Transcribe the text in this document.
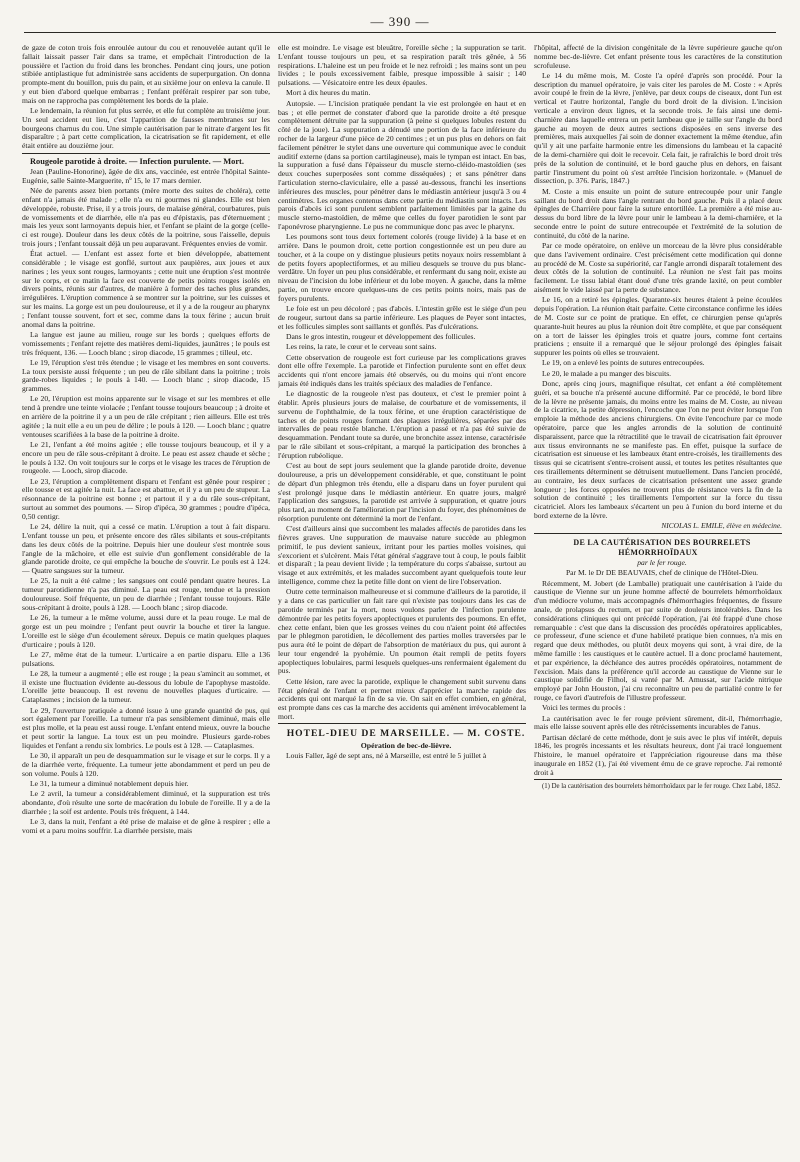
— 390 —

de gaze de coton trois fois enroulée autour du cou et renouvelée autant qu'il le fallait laissait passer l'air dans sa trame, et empêchait l'introduction de la poussière et l'action du froid dans les bronches. Pendant cinq jours, une potion stibiée antiplastique fut administrée sans accidents de superpurgation. On donna prompte-ment du bouillon, puis du pain, et au sixième jour on enleva la canule. Il y eut bien d'abord quelque embarras ; l'enfant préférait respirer par son tube, mais on ne rapprocha pas complètement les bords de la plaie.

Le lendemain, la réunion fut plus serrée, et elle fut complète au troisième jour. Un seul accident eut lieu, c'est l'apparition de fausses membranes sur les bourgeons charnus du cou. Une simple cautérisation par le nitrate d'argent les fit disparaître ; à part cette complication, la cicatrisation se fit rapidement, et elle était entière au douzième jour.

Rougeole parotide à droite. — Infection purulente. — Mort.

Jean (Pauline-Honorine), âgée de dix ans, vaccinée, est entrée l'hôpital Sainte-Eugénie, salle Sainte-Marguerite, nº 15, le 17 mars dernier.

Née de parents assez bien portants (mère morte des suites de choléra), cette enfant n'a jamais été malade ; elle n'a eu ni gourmes ni glandes. Elle est bien développée, robuste. Prise, il y a trois jours, de malaise général, courbatures, puis de vomissements et de diarrhée, elle n'a pas eu d'épistaxis, pas d'éternuement ; mais les yeux sont larmoyants depuis hier, et l'enfant se plaint de la gorge (celle-ci est rouge). Douleur dans les deux côtés de la poitrine, sous l'aisselle, depuis trois jours ; l'enfant toussait déjà un peu auparavant. Fréquentes envies de vomir.

État actuel. — L'enfant est assez forte et bien développée, abattement considérable ; le visage est gonflé, surtout aux paupières, aux joues et aux narines ; les yeux sont rouges, larmoyants ; cette nuit une éruption s'est montrée sur le corps, et ce matin la face est couverte de petits points rouges isolés en divers points, réunis sur d'autres, de manière à former des taches plus grandes, irrégulières. L'éruption commence à se montrer sur la poitrine, sur les cuisses et sur les mains. La gorge est un peu douloureuse, et il y a de la rougeur au pharynx ; l'enfant tousse souvent, fort et sec, comme dans la toux férine ; aucun bruit anomal dans la poitrine.

La langue est jaune au milieu, rouge sur les bords ; quelques efforts de vomissements ; l'enfant rejette des matières demi-liquides, jaunâtres ; le pouls est très fréquent, 136. — Looch blanc ; sirop diacode, 15 grammes ; tilleul, etc.

Le 19, l'éruption s'est très étendue ; le visage et les membres en sont couverts. La toux persiste aussi fréquente ; un peu de râle sibilant dans la poitrine ; trois garde-robes liquides ; le pouls à 140. — Looch blanc ; sirop diacode, 15 grammes.

Le 20, l'éruption est moins apparente sur le visage et sur les membres et elle tend à prendre une teinte violacée ; l'enfant tousse toujours beaucoup ; à droite et en arrière de la poitrine il y a un peu de râle crépitant ; rien ailleurs. Elle est très agitée ; la nuit elle a eu un peu de délire ; le pouls à 120. — Looch blanc ; quatre ventouses scarifiées à la base de la poitrine à droite.

Le 21, l'enfant a été moins agitée ; elle tousse toujours beaucoup, et il y a encore un peu de râle sous-crépitant à droite. Le peau est assez chaude et sèche ; le pouls à 132. On voit toujours sur le corps et le visage les traces de l'éruption de rougeole. — Looch, sirop diacode.

Le 23, l'éruption a complètement disparu et l'enfant est gênée pour respirer ; elle tousse et est agitée la nuit. La face est abattue, et il y a un peu de stupeur. La résonnance de la poitrine est bonne ; et partout il y a du râle sous-crépitant, surtout au sommet des poumons. — Sirop d'ipéca, 30 grammes ; poudre d'ipéca, 0,50 centigr.

Le 24, délire la nuit, qui a cessé ce matin. L'éruption a tout à fait disparu. L'enfant tousse un peu, et présente encore des râles sibilants et sous-crépitants dans les deux côtés de la poitrine. Depuis hier une douleur s'est montrée sous l'angle de la mâchoire, et elle est suivie d'un gonflement considérable de la glande parotide droite, ce qui empêche la bouche de s'ouvrir. Le pouls est à 124. — Quatre sangsues sur la tumeur.

Le 25, la nuit a été calme ; les sangsues ont coulé pendant quatre heures. La tumeur parotidienne n'a pas diminué. La peau est rouge, tendue et la pression douloureuse. Soif fréquente, un peu de diarrhée ; l'enfant tousse toujours. Râle sous-crépitant à droite, pouls à 128. — Looch blanc ; sirop diacode.

Le 26, la tumeur a le même volume, aussi dure et la peau rouge. Le mal de gorge est un peu moindre ; l'enfant peut ouvrir la bouche et tirer la langue. L'oreille est le siège d'un écoulement séreux. Depuis ce matin quelques plaques d'urticaire ; pouls à 120.

Le 27, même état de la tumeur. L'urticaire a en partie disparu. Elle a 136 pulsations.

Le 28, la tumeur a augmenté ; elle est rouge ; la peau s'amincit au sommet, et il existe une fluctuation évidente au-dessous du lobule de l'apophyse mastoïde. L'oreille jette beaucoup. Il est revenu de nouvelles plaques d'urticaire. — Cataplasmes ; incision de la tumeur.

Le 29, l'ouverture pratiquée a donné issue à une grande quantité de pus, qui sort également par l'oreille. La tumeur n'a pas sensiblement diminué, mais elle est plus molle, et la peau est aussi rouge. L'enfant entend mieux, ouvre la bouche et peut sortir la langue. La toux est un peu moindre. Plusieurs garde-robes liquides et l'enfant a rendu six lombrics. Le pouls est à 128. — Cataplasmes.

Le 30, il apparaît un peu de desquammation sur le visage et sur le corps. Il y a de la diarrhée verte, fréquente. La tumeur jette abondamment et perd un peu de son volume. Pouls à 120.

Le 31, la tumeur a diminué notablement depuis hier.

Le 2 avril, la tumeur a considérablement diminué, et la suppuration est très abondante, d'où résulte une sorte de macération du lobule de l'oreille. Il y a de la diarrhée ; la soif est ardente. Pouls très fréquent, à 144.

Le 3, dans la nuit, l'enfant a été prise de malaise et de gêne à respirer ; elle a vomi et a paru moins souffrir. La diarrhée persiste, mais

elle est moindre. Le visage est bleuâtre, l'oreille sèche ; la suppuration se tarit. L'enfant tousse toujours un peu, et sa respiration paraît très gênée, à 56 respirations. L'haleine est un peu froide et le nez refroidi ; les mains sont un peu livides ; le pouls excessivement faible, presque impossible à saisir ; 140 pulsations. — Vésicatoire entre les deux épaules.

Mort à dix heures du matin.

Autopsie. — L'incision pratiquée pendant la vie est prolongée en haut et en bas ; et elle permet de constater d'abord que la parotide droite a été presque complètement détruite par la suppuration (à peine si quelques lobules restent du côté de la joue). La suppuration a dénudé une portion de la face inférieure du rocher de la largeur d'une pièce de 20 centimes ; et un pus plus en dehors on fait facilement pénétrer le stylet dans une ouverture qui communique avec le conduit auditif externe (dans sa portion cartilagineuse), mais le tympan est intact. En bas, la suppuration a fusé dans l'épaisseur du muscle sterno-cléido-mastoïdien (ses deux couches superposées sont comme disséquées) ; et sans pénétrer dans l'articulation sterno-claviculaire, elle a passé au-dessous, franchi les insertions inférieures des muscles, pour pénétrer dans le médiastin antérieur jusqu'à 3 ou 4 centimètres. Les organes contenus dans cette partie du médiastin sont intacts. Les parois d'abcès ici sont purulent semblent parfaitement limitées par la gaine du muscle sterno-mastoïdien, de même que celles du foyer parotidien le sont par l'aponévrose pharyngienne. Le pus ne communique donc pas avec le pharynx.

Les poumons sont tous deux fortement colorés (rouge livide) à la base et en arrière. Dans le poumon droit, cette portion congestionnée est un peu dure au toucher, et à la coupe on y distingue plusieurs petits noyaux noirs ressemblant à de petits foyers apoplectiformes, et au milieu desquels se trouve du pus blanc-verdâtre. Un foyer un peu plus considérable, et renfermant du sang noir, existe au niveau de l'incision du lobe inférieur et du lobe moyen. À gauche, dans la même partie, on trouve encore quelques-uns de ces petits points noirs, mais pas de foyers purulents.

Le foie est un peu décoloré ; pas d'abcès. L'intestin grêle est le siége d'un peu de rougeur, surtout dans sa partie inférieure. Les plaques de Peyer sont intactes, et les follicules simples sont saillants et gonflés. Pas d'ulcérations.

Dans le gros intestin, rougeur et développement des follicules.

Les reins, la rate, le cœur et le cerveau sont sains.

Cette observation de rougeole est fort curieuse par les complications graves dont elle offre l'exemple. La parotide et l'infection purulente sont en effet deux accidents qui n'ont encore jamais été observés, ou du moins qui n'ont encore jamais été indiqués dans les traités spéciaux des maladies de l'enfance.

Le diagnostic de la rougeole n'est pas douteux, et c'est le premier point à établir. Après plusieurs jours de malaise, de courbature et de vomissements, il survenu de l'ophthalmie, de la toux férine, et une éruption caractéristique de taches et de points rouges formant des plaques irrégulières, séparées par des intervalles de peau restée blanche. L'éruption a passé et n'a pas été suivie de desquammation. Pendant toute sa durée, une bronchite assez intense, caractérisée par le râle sibilant et sous-crépitant, a marqué la participation des bronches à l'éruption rubéolique.

C'est au bout de sept jours seulement que la glande parotide droite, devenue douloureuse, a pris un développement considérable, et que, constituant le point de départ d'un phlegmon très étendu, elle a disparu dans un foyer purulent qui s'est prolongé jusque dans le médiastin antérieur. En quatre jours, malgré l'application des sangsues, la parotide est arrivée à suppuration, et quatre jours plus tard, au moment de l'amélioration par l'incision du foyer, des phénomènes de résorption purulente ont déterminé la mort de l'enfant.

C'est d'ailleurs ainsi que succombent les malades affectés de parotides dans les fièvres graves. Une suppuration de mauvaise nature succède au phlegmon primitif, le pus devient sanieux, irritant pour les parties molles voisines, qui s'excorient et s'ulcèrent. Mais l'état général s'aggrave tout à coup, le pouls faiblit et disparaît ; la peau devient livide ; la température du corps s'abaisse, surtout au visage et aux extrémités, et les malades succombent ayant quelquefois toute leur intelligence, comme chez la petite fille dont on vient de lire l'observation.

Outre cette terminaison malheureuse et si commune d'ailleurs de la parotide, il y a dans ce cas particulier un fait rare qui n'existe pas toujours dans les cas de parotide terminés par la mort, nous voulons parler de l'infection purulente démontrée par les petits foyers apoplectiques et purulents des poumons. En effet, chez cette enfant, bien que les grosses veines du cou n'aient point été affectées par le phlegmon parotidien, le décollement des parties molles traversées par le pus aura été le point de départ de l'absorption de matériaux du pus, qui auront à leur tour engendré la pyohémie. Un poumon était rempli de petits foyers apoplectiques lobulaires, parmi lesquels quelques-uns renfermaient également du pus.

Cette lésion, rare avec la parotide, explique le changement subit survenu dans l'état général de l'enfant et permet mieux d'apprécier la marche rapide des accidents qui ont marqué la fin de sa vie. On sait en effet combien, en général, est prompte dans ces cas la marche des accidents qui amènent irrévocablement la mort.

HOTEL-DIEU DE MARSEILLE. — M. COSTE.

Opération de bec-de-lièvre.

Louis Faller, âgé de sept ans, né à Marseille, est entré le 5 juillet à

l'hôpital, affecté de la division congénitale de la lèvre supérieure gauche qu'on nomme bec-de-lièvre. Cet enfant présente tous les caractères de la constitution scrofuleuse.

Le 14 du même mois, M. Coste l'a opéré d'après son procédé. Pour la description du manuel opératoire, je vais citer les paroles de M. Coste : « Après avoir coupé le frein de la lèvre, j'enlève, par deux coups de ciseaux, dont l'un est vertical et l'autre horizontal, l'angle du bord droit de la division. L'incision verticale a environ deux lignes, et la seconde trois. Je fais ainsi une demi-charnière dans laquelle entrera un petit lambeau que je taille sur l'angle du bord gauche au moyen de deux autres sections disposées en sens inverse des premières, mais auxquelles j'ai soin de donner exactement la même étendue, afin qu'il y ait une parfaite harmonie entre les dimensions du lambeau et la capacité de la demi-charnière qui doit le recevoir. Cela fait, je rafraîchis le bord droit très près de la solution de continuité, et le bord gauche plus en dehors, en faisant partir l'instrument du point où s'est arrêtée l'incision horizontale. » (Manuel de dissection, p. 376. Paris, 1847.)

M. Coste a mis ensuite un point de suture entrecoupée pour unir l'angle saillant du bord droit dans l'angle rentrant du bord gauche. Puis il a placé deux épingles de Charrière pour faire la suture entortillée. La première a été mise au-dessus du bord libre de la lèvre pour unir le lambeau à la demi-charnière, et la seconde entre le point de suture entrecoupée et l'extrémité de la solution de continuité, du côté de la narine.

Par ce mode opératoire, on enlève un morceau de la lèvre plus considérable que dans l'avivement ordinaire. C'est précisément cette modification qui donne au procédé de M. Coste sa supériorité, car l'angle arrondi disparaît totalement des deux côtés de la solution de continuité. La réunion ne s'est fait pas moins facilement. Le tissu labial étant doué d'une très grande laxité, on peut combler aisément le vide laissé par la perte de substance.

Le 16, on a retiré les épingles. Quarante-six heures étaient à peine écoulées depuis l'opération. La réunion était parfaite. Cette circonstance confirme les idées de M. Coste sur ce point de pratique. En effet, ce chirurgien pense qu'après quarante-huit heures au plus la réunion doit être complète, et que par conséquent on a tort de laisser les épingles trois et quatre jours, comme font certains praticiens ; ensuite il a remarqué que le séjour prolongé des épingles faisait suppurer les points où elles se trouvaient.

Le 19, on a enlevé les points de sutures entrecoupées.

Le 20, le malade a pu manger des biscuits.

Donc, après cinq jours, magnifique résultat, cet enfant a été complètement guéri, et sa bouche n'a présenté aucune difformité. Par ce procédé, le bord libre de la lèvre ne présente jamais, du moins entre les mains de M. Coste, au niveau de la cicatrice, la petite dépression, l'encoche que l'on ne peut éviter lorsque l'on emploie la méthode des anciens chirurgiens. On évite l'encochure par ce mode opératoire, parce que les angles arrondis de la solution de continuité disparaissent, parce que la rétractilité que le travail de cicatrisation fait éprouver aux tissus environnants ne se manifeste pas. En effet, puisque la surface de cicatrisation est sinueuse et les lambeaux étant entre-croisés, les tiraillements des tissus qui se cicatrisent s'entre-croisent aussi, et toutes les petites résultantes que ces tiraillements déterminent se détruisent mutuellement. Dans l'ancien procédé, au contraire, les deux surfaces de cicatrisation présentent une assez grande longueur ; les forces opposées ne trouvent plus de résistance vers la fin de la solution de continuité ; les tiraillements l'emportent sur la force du tissu cicatriciel. Alors les lambeaux s'écartent un peu à l'union du bord interne et du bord externe de la lèvre.

NICOLAS L. EMILE, élève en médecine.

DE LA CAUTÉRISATION DES BOURRELETS HÉMORRHOÏDAUX

par le fer rouge.

Par M. le Dr DE BEAUVAIS, chef de clinique de l'Hôtel-Dieu.

Récemment, M. Jobert (de Lamballe) pratiquait une cautérisation à l'aide du caustique de Vienne sur un jeune homme affecté de bourrelets hémorrhoïdaux d'un médiocre volume, mais accompagnés d'hémorrhagies fréquentes, de fissure anale, de prolapsus du rectum, et par suite de douleurs intolérables. Dans les considérations cliniques qui ont précédé l'opération, j'ai été frappé d'une chose remarquable : c'est que dans la discussion des procédés opératoires applicables, ce professeur, d'une science et d'une habileté pratique bien connues, n'a mis en regard que deux méthodes, ou plutôt deux moyens qui sont, à vrai dire, de la même famille : les caustiques et le cautère actuel. Il a donc proclamé hautement, et par expérience, la déchéance des autres procédés opératoires, notamment de l'excision. Mais dans la préférence qu'il accorde au caustique de Vienne sur le caustique solidifié de Filhol, si vanté par M. Amussat, sur l'acide nitrique employé par John Houston, j'ai cru reconnaître un peu de partialité contre le fer rouge, ce favori d'autrefois de l'illustre professeur.

Voici les termes du procès :

La cautérisation avec le fer rouge prévient sûrement, dit-il, l'hémorrhagie, mais elle laisse souvent après elle des rétrécissements incurables de l'anus.

Partisan déclaré de cette méthode, dont je suis avec le plus vif intérêt, depuis 1846, les progrès incessants et les résultats heureux, dont j'ai tracé longuement l'histoire, le manuel opératoire et l'appréciation rigoureuse dans ma thèse inaugurale en 1852 (1), j'ai été vivement ému de ce grave reproche. J'ai remonté droit à

(1) De la cautérisation des bourrelets hémorrhoïdaux par le fer rouge. Chez Labé, 1852.
